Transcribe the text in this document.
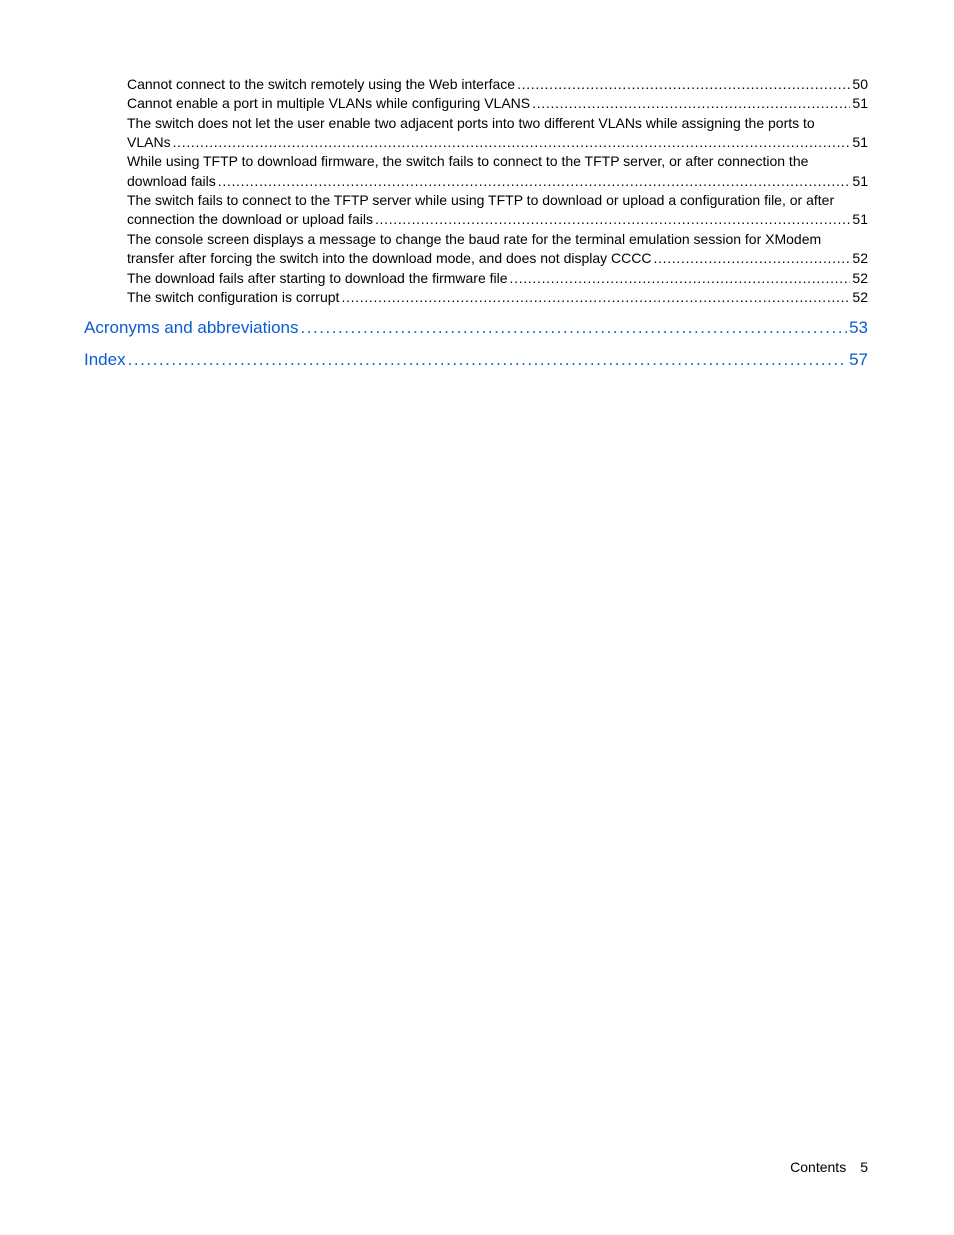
Cannot connect to the switch remotely using the Web interface . . .	50
Cannot enable a port in multiple VLANs while configuring VLANS . . .	51
The switch does not let the user enable two adjacent ports into two different VLANs while assigning the ports to
VLANs . . .	51
While using TFTP to download firmware, the switch fails to connect to the TFTP server, or after connection the
download fails . . .	51
The switch fails to connect to the TFTP server while using TFTP to download or upload a configuration file, or after
connection the download or upload fails . . .	51
The console screen displays a message to change the baud rate for the terminal emulation session for XModem
transfer after forcing the switch into the download mode, and does not display CCCC . . .	52
The download fails after starting to download the firmware file . . .	52
The switch configuration is corrupt . . .	52
Acronyms and abbreviations . . .	53
Index . . .	57
Contents 5
